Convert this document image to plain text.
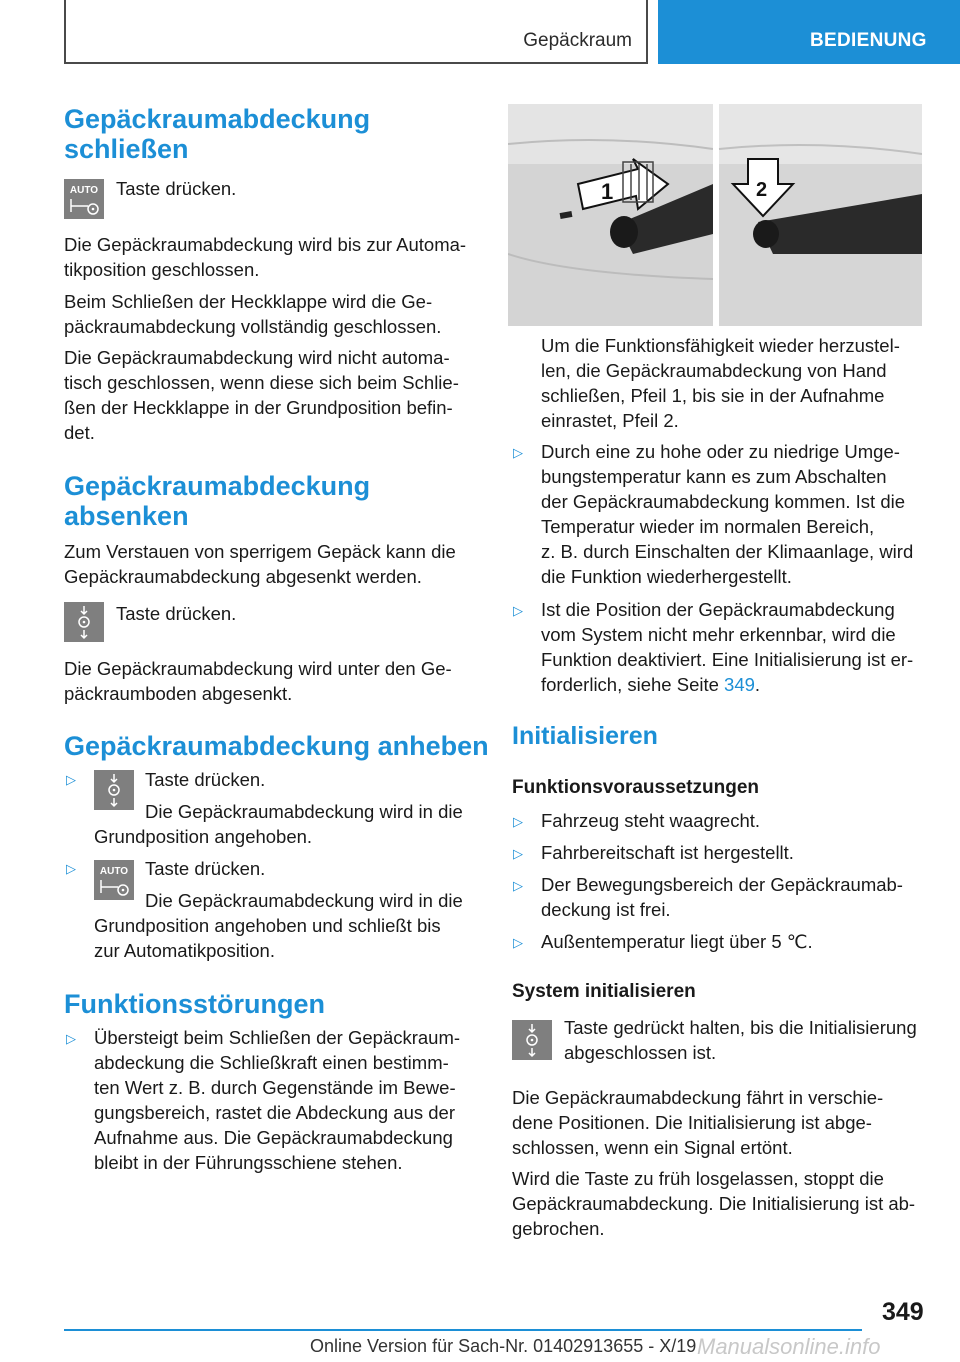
Gepäckraum	BEDIENUNG
Gepäckraumabdeckung
schließen
AUTO Taste drücken.
Die Gepäckraumabdeckung wird bis zur Automa‐
tikposition geschlossen.
Beim Schließen der Heckklappe wird die Ge‐
päckraumabdeckung vollständig geschlossen.
Die Gepäckraumabdeckung wird nicht automa‐
tisch geschlossen, wenn diese sich beim Schlie‐
ßen der Heckklappe in der Grundposition befin‐
det.
Gepäckraumabdeckung
absenken
Zum Verstauen von sperrigem Gepäck kann die
Gepäckraumabdeckung abgesenkt werden.
Taste drücken.
Die Gepäckraumabdeckung wird unter den Ge‐
päckraumboden abgesenkt.
Gepäckraumabdeckung anheben
▷	Taste drücken.
Die Gepäckraumabdeckung wird in die
Grundposition angehoben.
▷ AUTO Taste drücken.
Die Gepäckraumabdeckung wird in die
Grundposition angehoben und schließt bis
zur Automatikposition.
Funktionsstörungen
▷ Übersteigt beim Schließen der Gepäckraum‐
abdeckung die Schließkraft einen bestimm‐
ten Wert z. B. durch Gegenstände im Bewe‐
gungsbereich, rastet die Abdeckung aus der
Aufnahme aus. Die Gepäckraumabdeckung
bleibt in der Führungsschiene stehen.
1	2
Um die Funktionsfähigkeit wieder herzustel‐
len, die Gepäckraumabdeckung von Hand
schließen, Pfeil 1, bis sie in der Aufnahme
einrastet, Pfeil 2.
▷ Durch eine zu hohe oder zu niedrige Umge‐
bungstemperatur kann es zum Abschalten
der Gepäckraumabdeckung kommen. Ist die
Temperatur wieder im normalen Bereich,
z. B. durch Einschalten der Klimaanlage, wird
die Funktion wiederhergestellt.
▷ Ist die Position der Gepäckraumabdeckung
vom System nicht mehr erkennbar, wird die
Funktion deaktiviert. Eine Initialisierung ist er‐
forderlich, siehe Seite 349.
Initialisieren
Funktionsvoraussetzungen
▷ Fahrzeug steht waagrecht.
▷ Fahrbereitschaft ist hergestellt.
▷ Der Bewegungsbereich der Gepäckraumab‐
deckung ist frei.
▷ Außentemperatur liegt über 5 ℃.
System initialisieren
Taste gedrückt halten, bis die Initialisierung
abgeschlossen ist.
Die Gepäckraumabdeckung fährt in verschie‐
dene Positionen. Die Initialisierung ist abge‐
schlossen, wenn ein Signal ertönt.
Wird die Taste zu früh losgelassen, stoppt die
Gepäckraumabdeckung. Die Initialisierung ist ab‐
gebrochen.
349
Online Version für Sach-Nr. 01402913655 - X/19 Manualsonline.info
